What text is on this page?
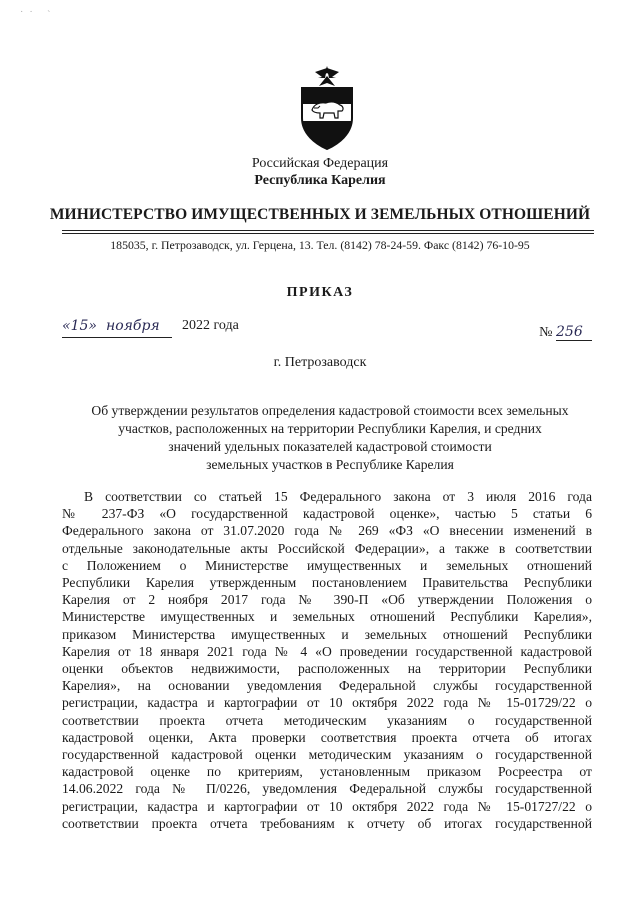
˙˙ ˋ
Российская Федерация
Республика Карелия
МИНИСТЕРСТВО ИМУЩЕСТВЕННЫХ И ЗЕМЕЛЬНЫХ ОТНОШЕНИЙ
185035, г. Петрозаводск, ул. Герцена, 13. Тел. (8142) 78-24-59. Факс (8142) 76-10-95
ПРИКАЗ
«15» ноября 2022 года	№ 256
г. Петрозаводск
Об утверждении результатов определения кадастровой стоимости всех земельных
участков, расположенных на территории Республики Карелия, и средних
значений удельных показателей кадастровой стоимости
земельных участков в Республике Карелия
В соответствии со статьей 15 Федерального закона от 3 июля 2016 года
№ 237-ФЗ «О государственной кадастровой оценке», частью 5 статьи 6
Федерального закона от 31.07.2020 года № 269 «ФЗ «О внесении изменений в
отдельные законодательные акты Российской Федерации», а также в соответствии
с Положением о Министерстве имущественных и земельных отношений
Республики Карелия утвержденным постановлением Правительства Республики
Карелия от 2 ноября 2017 года № 390-П «Об утверждении Положения о
Министерстве имущественных и земельных отношений Республики Карелия»,
приказом Министерства имущественных и земельных отношений Республики
Карелия от 18 января 2021 года № 4 «О проведении государственной кадастровой
оценки объектов недвижимости, расположенных на территории Республики
Карелия», на основании уведомления Федеральной службы государственной
регистрации, кадастра и картографии от 10 октября 2022 года № 15-01729/22 о
соответствии проекта отчета методическим указаниям о государственной
кадастровой оценки, Акта проверки соответствия проекта отчета об итогах
государственной кадастровой оценки методическим указаниям о государственной
кадастровой оценке по критериям, установленным приказом Росреестра от
14.06.2022 года № П/0226, уведомления Федеральной службы государственной
регистрации, кадастра и картографии от 10 октября 2022 года № 15-01727/22 о
соответствии проекта отчета требованиям к отчету об итогах государственной
